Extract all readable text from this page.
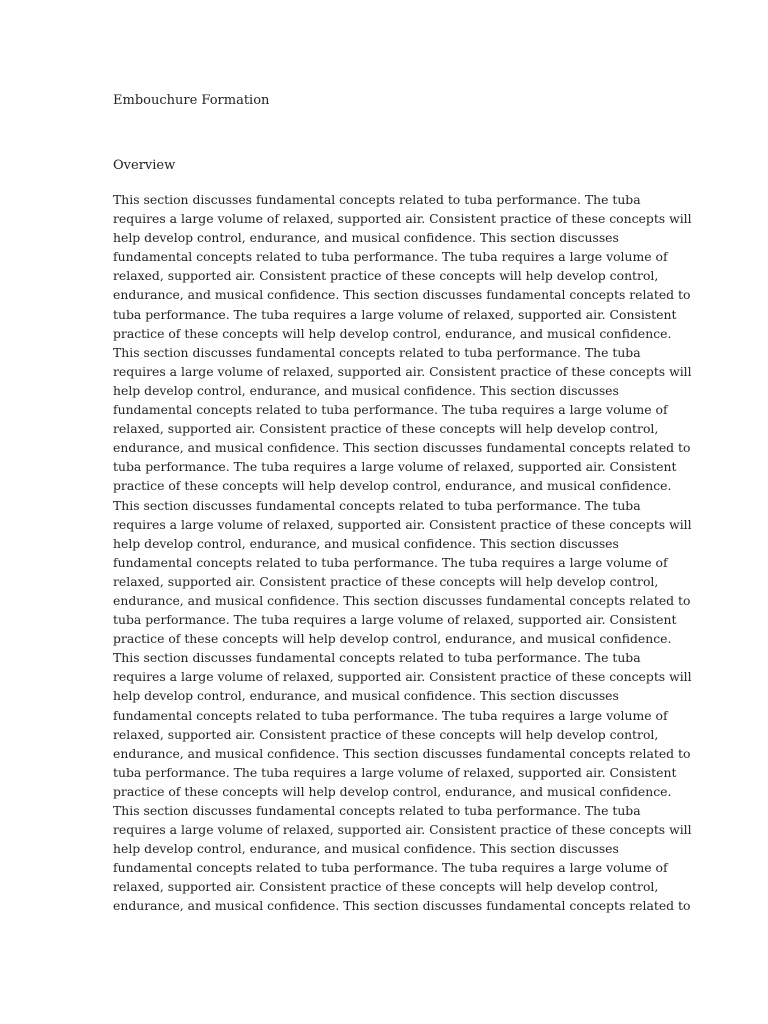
Embouchure Formation
Overview
This section discusses fundamental concepts related to tuba performance. The tuba
requires a large volume of relaxed, supported air. Consistent practice of these concepts will
help develop control, endurance, and musical confidence. This section discusses
fundamental concepts related to tuba performance. The tuba requires a large volume of
relaxed, supported air. Consistent practice of these concepts will help develop control,
endurance, and musical confidence. This section discusses fundamental concepts related to
tuba performance. The tuba requires a large volume of relaxed, supported air. Consistent
practice of these concepts will help develop control, endurance, and musical confidence.
This section discusses fundamental concepts related to tuba performance. The tuba
requires a large volume of relaxed, supported air. Consistent practice of these concepts will
help develop control, endurance, and musical confidence. This section discusses
fundamental concepts related to tuba performance. The tuba requires a large volume of
relaxed, supported air. Consistent practice of these concepts will help develop control,
endurance, and musical confidence. This section discusses fundamental concepts related to
tuba performance. The tuba requires a large volume of relaxed, supported air. Consistent
practice of these concepts will help develop control, endurance, and musical confidence.
This section discusses fundamental concepts related to tuba performance. The tuba
requires a large volume of relaxed, supported air. Consistent practice of these concepts will
help develop control, endurance, and musical confidence. This section discusses
fundamental concepts related to tuba performance. The tuba requires a large volume of
relaxed, supported air. Consistent practice of these concepts will help develop control,
endurance, and musical confidence. This section discusses fundamental concepts related to
tuba performance. The tuba requires a large volume of relaxed, supported air. Consistent
practice of these concepts will help develop control, endurance, and musical confidence.
This section discusses fundamental concepts related to tuba performance. The tuba
requires a large volume of relaxed, supported air. Consistent practice of these concepts will
help develop control, endurance, and musical confidence. This section discusses
fundamental concepts related to tuba performance. The tuba requires a large volume of
relaxed, supported air. Consistent practice of these concepts will help develop control,
endurance, and musical confidence. This section discusses fundamental concepts related to
tuba performance. The tuba requires a large volume of relaxed, supported air. Consistent
practice of these concepts will help develop control, endurance, and musical confidence.
This section discusses fundamental concepts related to tuba performance. The tuba
requires a large volume of relaxed, supported air. Consistent practice of these concepts will
help develop control, endurance, and musical confidence. This section discusses
fundamental concepts related to tuba performance. The tuba requires a large volume of
relaxed, supported air. Consistent practice of these concepts will help develop control,
endurance, and musical confidence. This section discusses fundamental concepts related to
